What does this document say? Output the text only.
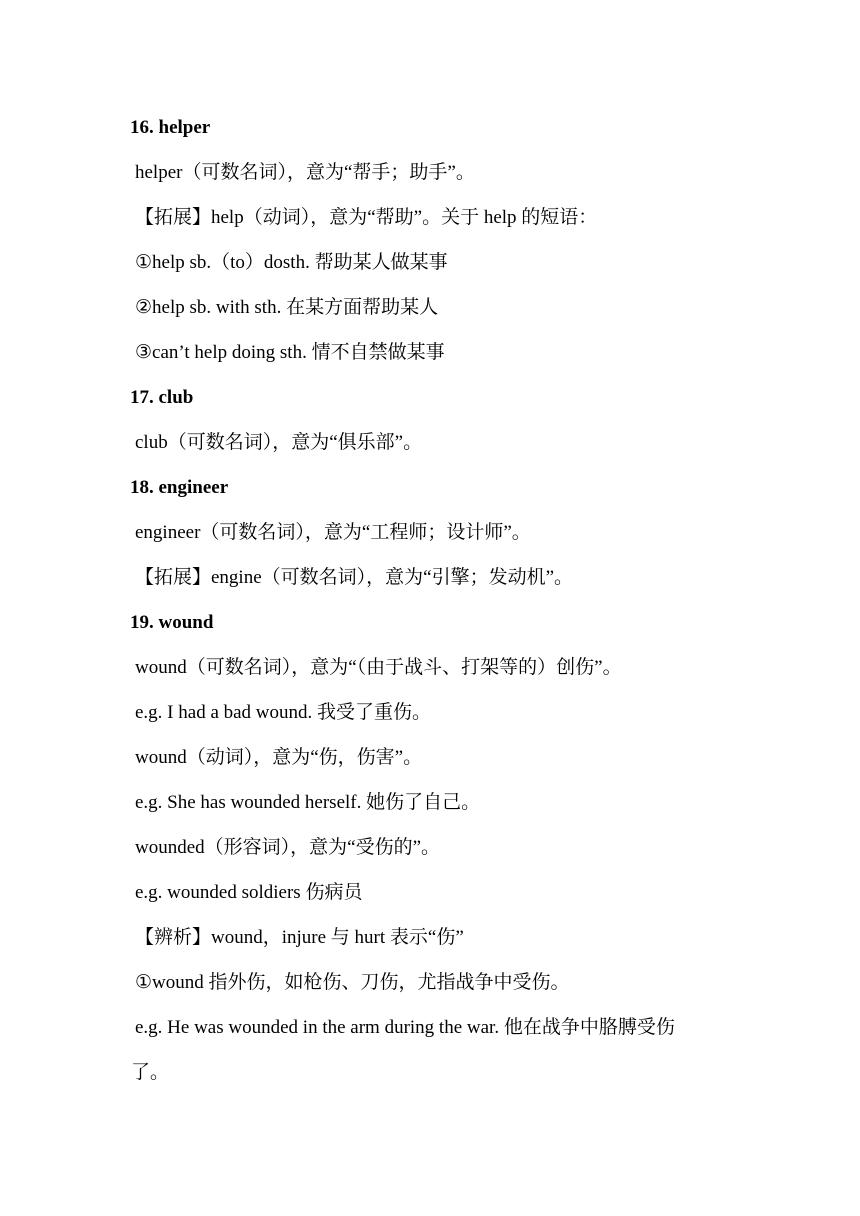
16. helper
helper（可数名词），意为“帮手；助手”。
【拓展】help（动词），意为“帮助”。关于 help 的短语：
①help sb.（to）dosth. 帮助某人做某事
②help sb. with sth. 在某方面帮助某人
③can’t help doing sth. 情不自禁做某事
17. club
club（可数名词），意为“俱乐部”。
18. engineer
engineer（可数名词），意为“工程师；设计师”。
【拓展】engine（可数名词），意为“引擎；发动机”。
19. wound
wound（可数名词），意为“（由于战斗、打架等的）创伤”。
e.g. I had a bad wound. 我受了重伤。
wound（动词），意为“伤，伤害”。
e.g. She has wounded herself. 她伤了自己。
wounded（形容词），意为“受伤的”。
e.g. wounded soldiers 伤病员
【辨析】wound，injure 与 hurt 表示“伤”
①wound 指外伤，如枪伤、刀伤，尤指战争中受伤。
e.g. He was wounded in the arm during the war. 他在战争中胳膊受伤
了。
